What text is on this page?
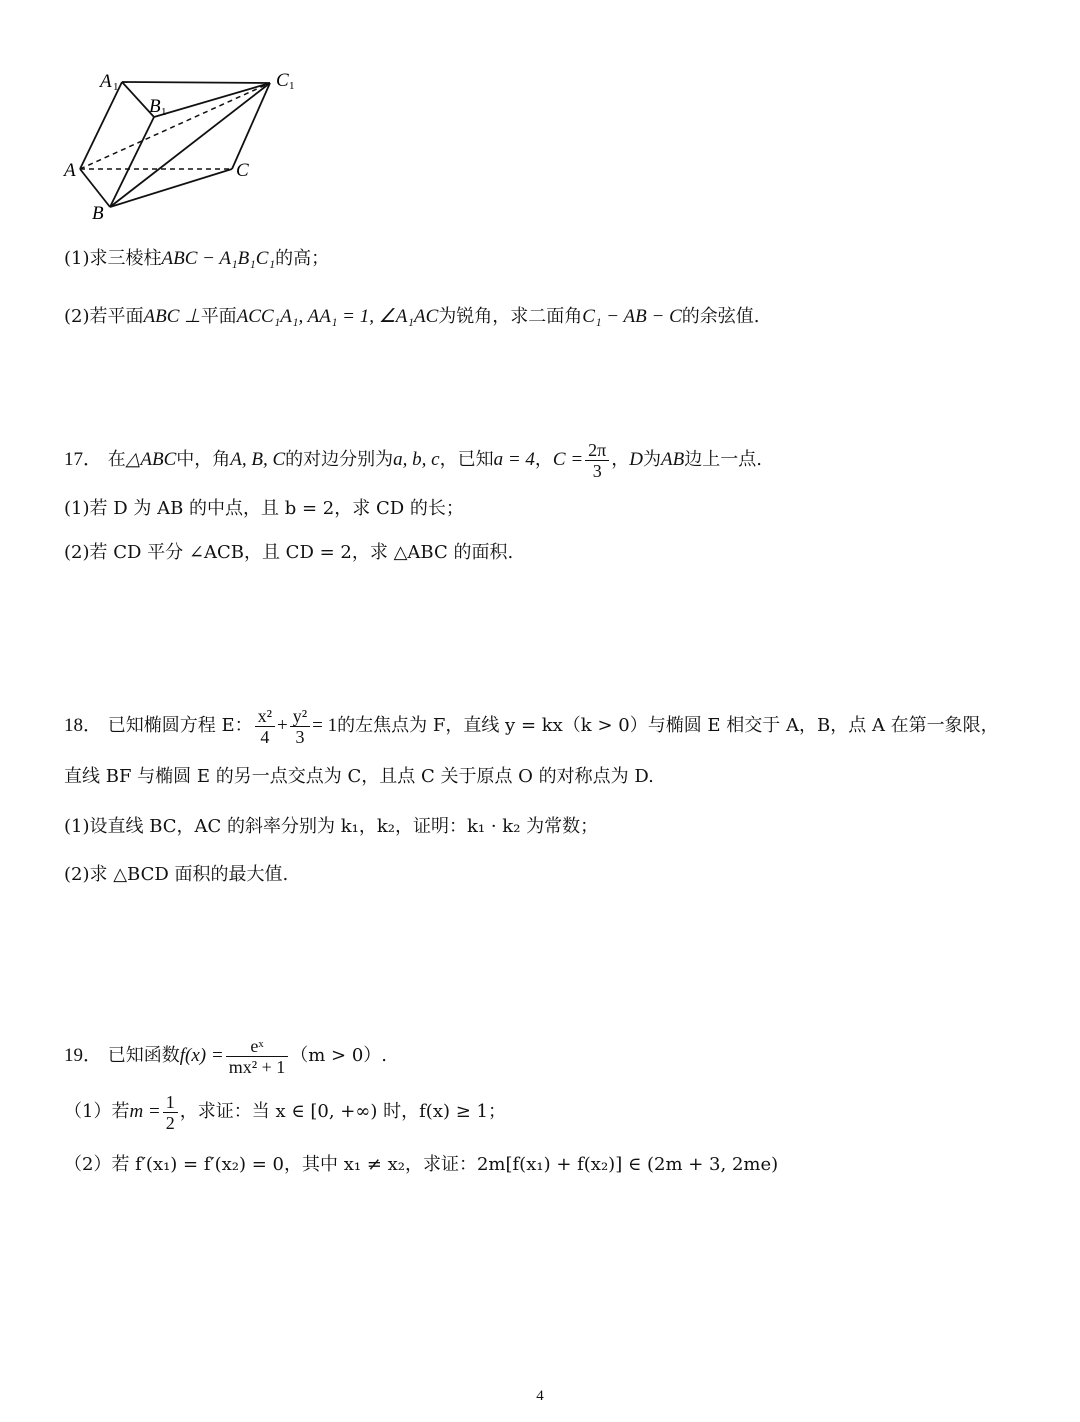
A 1
B 1
C 1
A
B
C
(1)求三棱柱ABC − A₁B₁C₁的高；
(2)若平面ABC ⊥平面ACC₁A₁, AA₁ = 1, ∠A₁AC为锐角，求二面角C₁ − AB − C的余弦值.
17． 在△ABC中，角A, B, C的对边分别为a, b, c，已知a = 4，$C = \frac{2\pi}{3}$ ，D为AB边上一点.
(1)若 D 为 AB 的中点，且 b = 2，求 CD 的长；
(2)若 CD 平分 ∠ACB，且 CD = 2，求 △ABC 的面积.
18． 已知椭圆方程 E： $\frac{\text{x²}}{4} + \frac{\text{y²}}{3} = 1$的左焦点为 F，直线 y = kx（k > 0）与椭圆 E 相交于 A，B，点 A 在第一象限，
直线 BF 与椭圆 E 的另一点交点为 C，且点 C 关于原点 O 的对称点为 D.
(1)设直线 BC，AC 的斜率分别为 k₁，k₂，证明：k₁ · k₂ 为常数；
(2)求 △BCD 面积的最大值.
19． 已知函数$f(x) = \frac{\text{eˣ}}{\text{mx² + 1}} (m > 0)$.
（1）若$m = \frac{1}{2}$ ，求证：当 x ∈ [0, +∞) 时，f(x) ≥ 1；
（2）若 f′(x₁) = f′(x₂) = 0，其中 x₁ ≠ x₂，求证：2m[f(x₁) + f(x₂)] ∈ (2m + 3, 2me)
4
